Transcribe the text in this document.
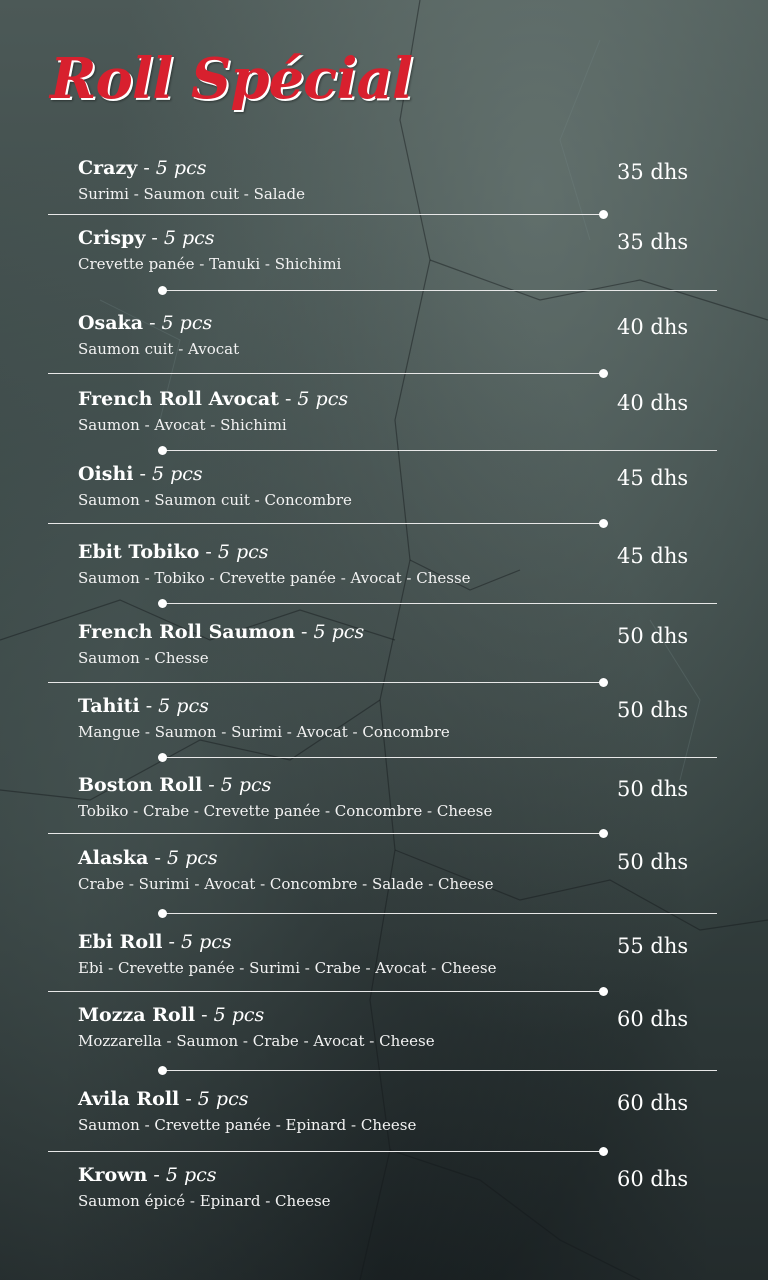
Roll Spécial
Crazy - 5 pcs
Surimi - Saumon cuit - Salade
35 dhs
Crispy - 5 pcs
Crevette panée - Tanuki - Shichimi
35 dhs
Osaka - 5 pcs
Saumon cuit - Avocat
40 dhs
French Roll Avocat - 5 pcs
Saumon - Avocat - Shichimi
40 dhs
Oishi - 5 pcs
Saumon - Saumon cuit - Concombre
45 dhs
Ebit Tobiko - 5 pcs
Saumon - Tobiko - Crevette panée - Avocat - Chesse
45 dhs
French Roll Saumon - 5 pcs
Saumon - Chesse
50 dhs
Tahiti - 5 pcs
Mangue - Saumon - Surimi - Avocat - Concombre
50 dhs
Boston Roll - 5 pcs
Tobiko - Crabe - Crevette panée - Concombre - Cheese
50 dhs
Alaska - 5 pcs
Crabe - Surimi - Avocat - Concombre - Salade - Cheese
50 dhs
Ebi Roll - 5 pcs
Ebi - Crevette panée - Surimi - Crabe - Avocat - Cheese
55 dhs
Mozza Roll - 5 pcs
Mozzarella - Saumon - Crabe - Avocat - Cheese
60 dhs
Avila Roll - 5 pcs
Saumon - Crevette panée - Epinard - Cheese
60 dhs
Krown - 5 pcs
Saumon épicé - Epinard - Cheese
60 dhs
